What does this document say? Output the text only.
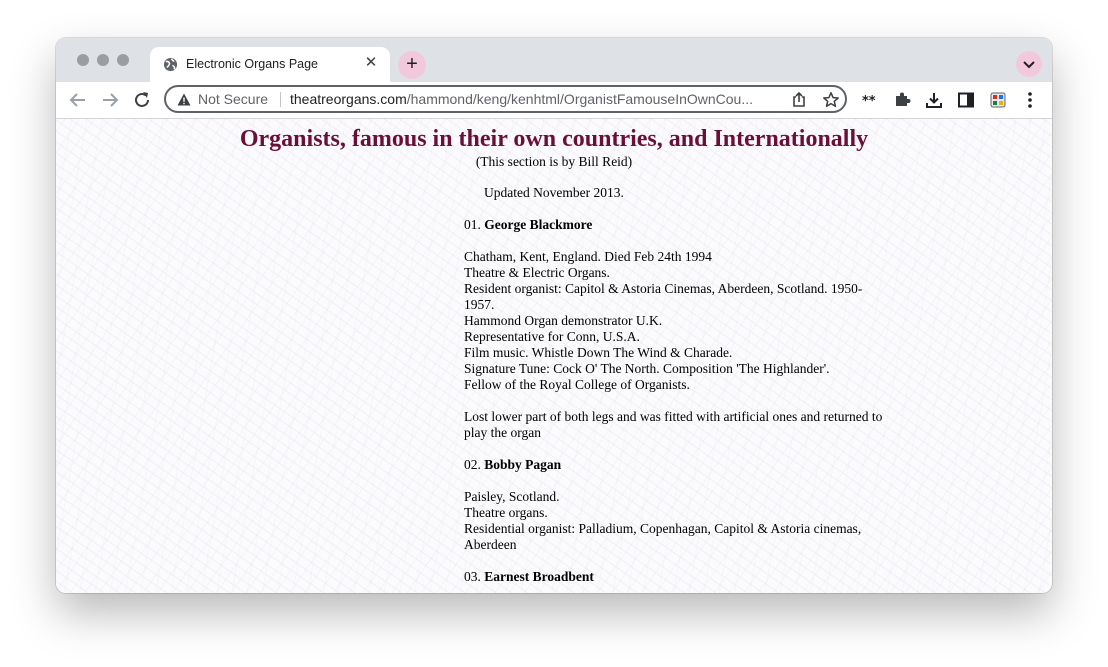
Electronic Organs Page	✕	+
Not Secure theatreorgans.com/hammond/keng/kenhtml/OrganistFamouseInOwnCou...	**
Organists, famous in their own countries, and Internationally
(This section is by Bill Reid)
Updated November 2013.
01. George Blackmore
Chatham, Kent, England. Died Feb 24th 1994
Theatre & Electric Organs.
Resident organist: Capitol & Astoria Cinemas, Aberdeen, Scotland. 1950-1957.
Hammond Organ demonstrator U.K.
Representative for Conn, U.S.A.
Film music. Whistle Down The Wind & Charade.
Signature Tune: Cock O' The North. Composition 'The Highlander'.
Fellow of the Royal College of Organists.
Lost lower part of both legs and was fitted with artificial ones and returned to play the organ
02. Bobby Pagan
Paisley, Scotland.
Theatre organs.
Residential organist: Palladium, Copenhagan, Capitol & Astoria cinemas, Aberdeen
03. Earnest Broadbent
